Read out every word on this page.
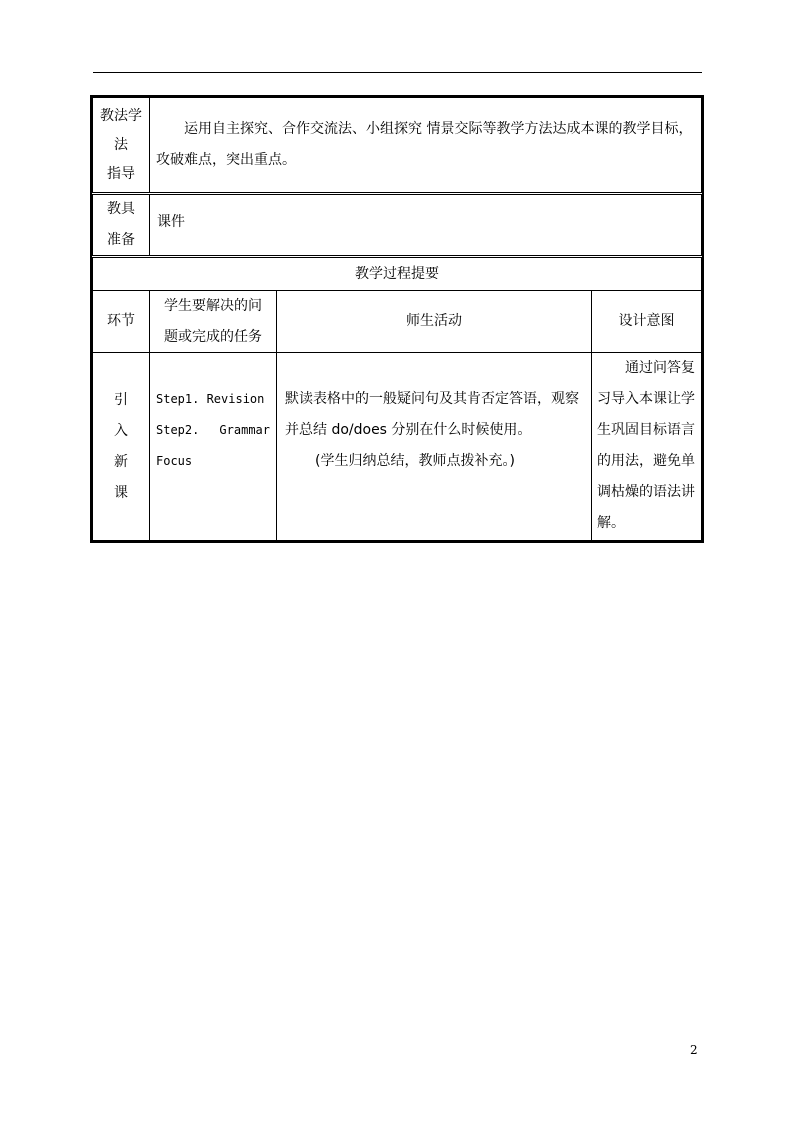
教法学
法
指导
运用自主探究、合作交流法、小组探究 情景交际等教学方法达成本课的教学目标，
攻破难点，突出重点。
教具
准备
课件
教学过程提要
环节
学生要解决的问
题或完成的任务
师生活动	设计意图
引
入
新
课
Step1. Revision
Step2. Grammar
Focus
默读表格中的一般疑问句及其肯否定答语，观察
并总结 do/does 分别在什么时候使用。
(学生归纳总结，教师点拨补充。)
通过问答复
习导入本课让学
生巩固目标语言
的用法，避免单
调枯燥的语法讲
解。
2
